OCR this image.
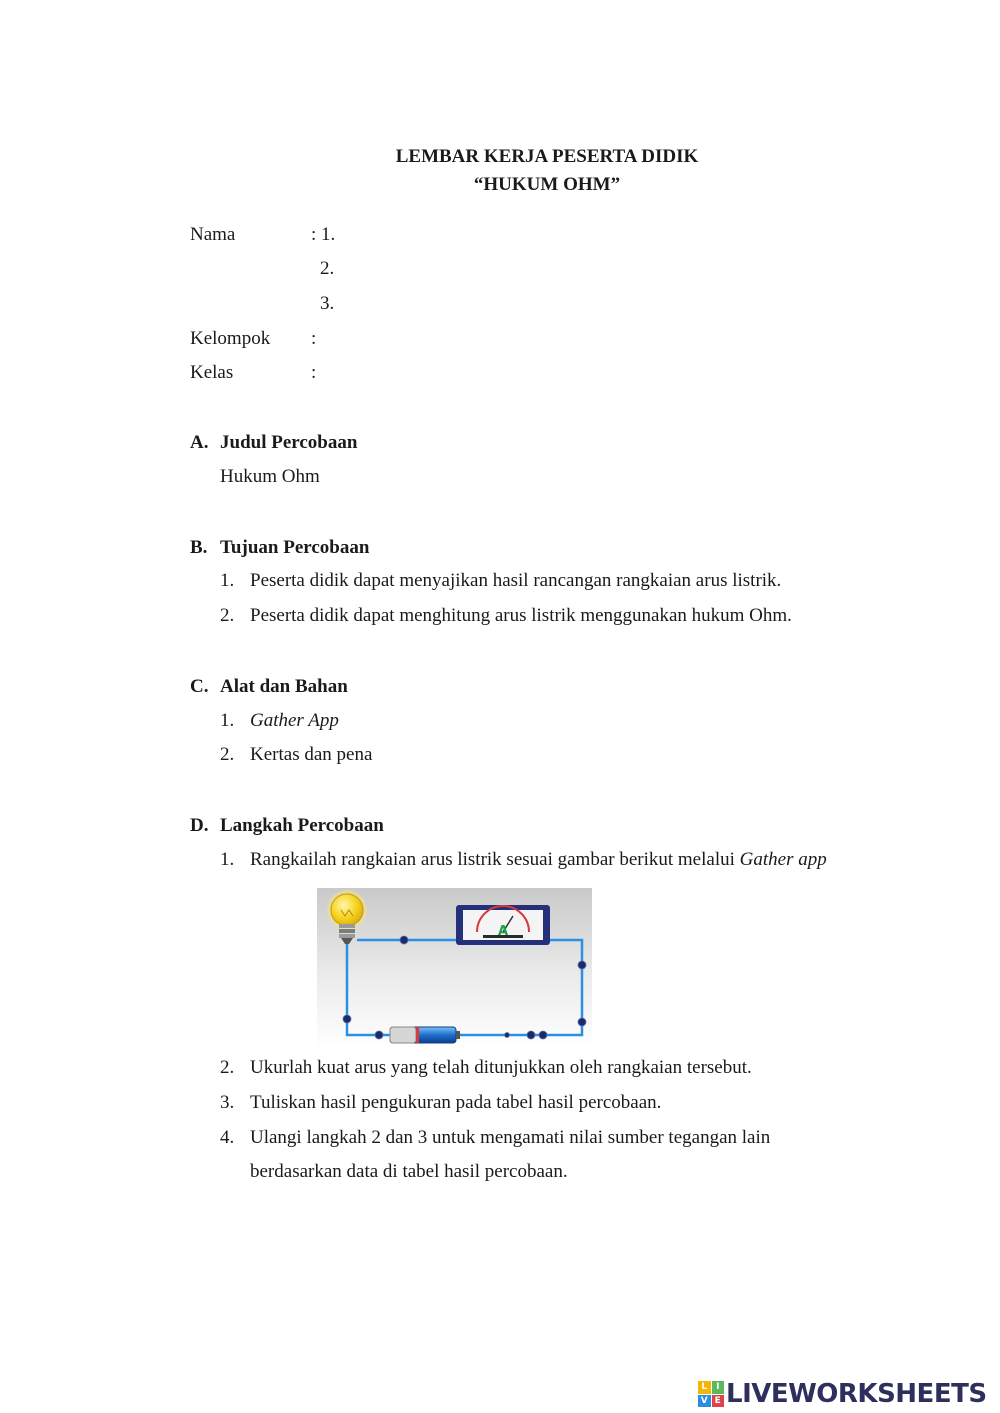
LEMBAR KERJA PESERTA DIDIK
“HUKUM OHM”
Nama	: 1.
2.
3.
Kelompok :
Kelas	:
A. Judul Percobaan
Hukum Ohm
B. Tujuan Percobaan
1. Peserta didik dapat menyajikan hasil rancangan rangkaian arus listrik.
2. Peserta didik dapat menghitung arus listrik menggunakan hukum Ohm.
C. Alat dan Bahan
1. Gather App
2. Kertas dan pena
D. Langkah Percobaan
1. Rangkailah rangkaian arus listrik sesuai gambar berikut melalui Gather app
A
2. Ukurlah kuat arus yang telah ditunjukkan oleh rangkaian tersebut.
3. Tuliskan hasil pengukuran pada tabel hasil percobaan.
4. Ulangi langkah 2 dan 3 untuk mengamati nilai sumber tegangan lain
berdasarkan data di tabel hasil percobaan.
L I
V E LIVEWORKSHEETS
